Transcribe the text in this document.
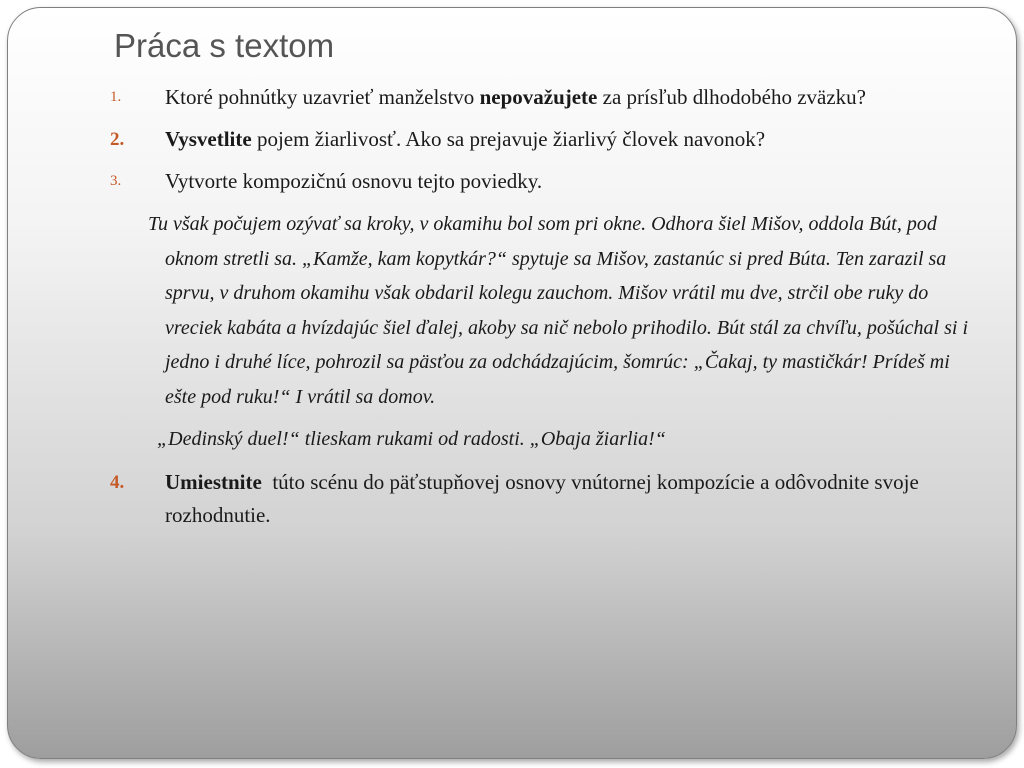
Práca s textom
1. Ktoré pohnútky uzavrieť manželstvo nepovažujete za prísľub dlhodobého zväzku?
2. Vysvetlite pojem žiarlivosť. Ako sa prejavuje žiarlivý človek navonok?
3. Vytvorte kompozičnú osnovu tejto poviedky.
Tu však počujem ozývať sa kroky, v okamihu bol som pri okne. Odhora šiel Mišov, oddola Bút, pod oknom stretli sa. „Kamže, kam kopytkár?“ spytuje sa Mišov, zastanúc si pred Búta. Ten zarazil sa sprvu, v druhom okamihu však obdaril kolegu zauchom. Mišov vrátil mu dve, strčil obe ruky do vreciek kabáta a hvízdajúc šiel ďalej, akoby sa nič nebolo prihodilo. Bút stál za chvíľu, pošúchal si i jedno i druhé líce, pohrozil sa päsťou za odchádzajúcim, šomrúc: „Čakaj, ty mastičkár! Prídeš mi ešte pod ruku!“ I vrátil sa domov.
„Dedinský duel!“ tlieskam rukami od radosti. „Obaja žiarlia!“
4. Umiestnite  túto scénu do päťstupňovej osnovy vnútornej kompozície a odôvodnite svoje rozhodnutie.
